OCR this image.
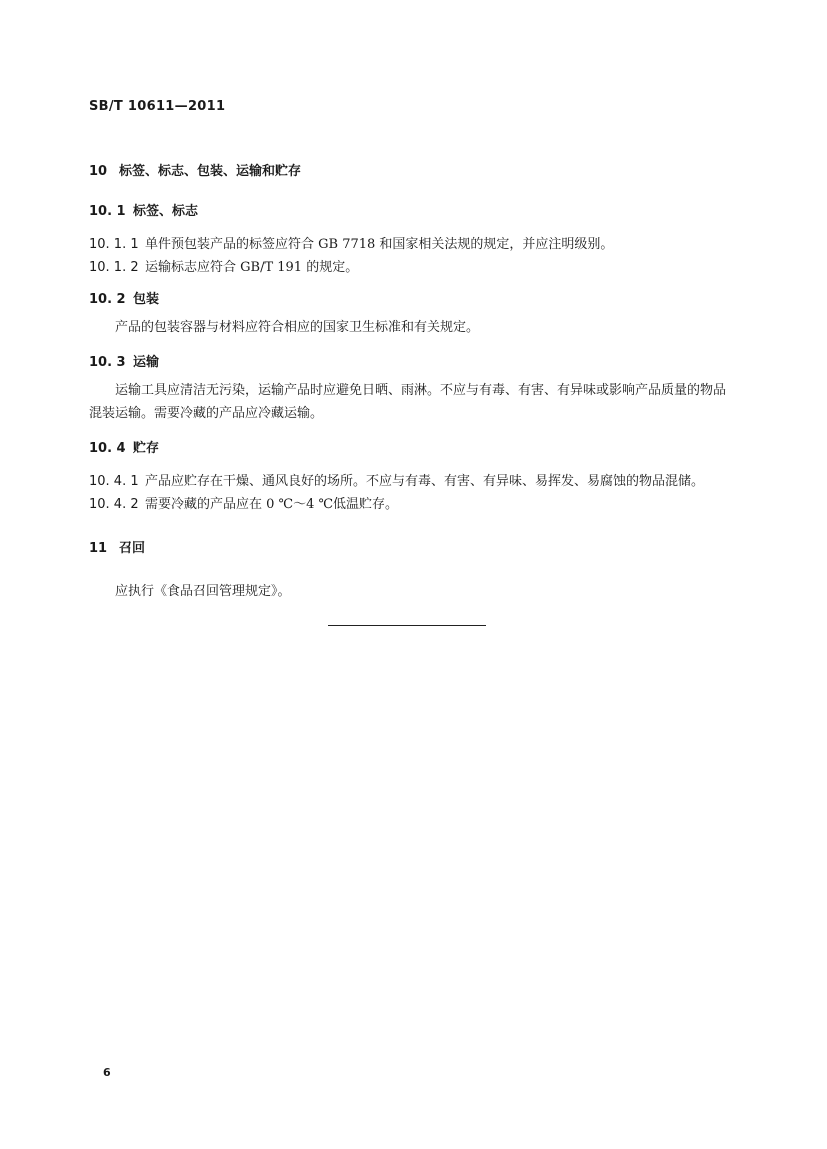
SB/T 10611—2011
10 标签、标志、包装、运输和贮存
10. 1 标签、标志
10. 1. 1 单件预包装产品的标签应符合 GB 7718 和国家相关法规的规定，并应注明级别。
10. 1. 2 运输标志应符合 GB/T 191 的规定。
10. 2 包装
产品的包装容器与材料应符合相应的国家卫生标准和有关规定。
10. 3 运输
运输工具应清洁无污染，运输产品时应避免日晒、雨淋。不应与有毒、有害、有异味或影响产品质量的物品混装运输。需要冷藏的产品应冷藏运输。
10. 4 贮存
10. 4. 1 产品应贮存在干燥、通风良好的场所。不应与有毒、有害、有异味、易挥发、易腐蚀的物品混储。
10. 4. 2 需要冷藏的产品应在 0 ℃～4 ℃低温贮存。
11 召回
应执行《食品召回管理规定》。
6
